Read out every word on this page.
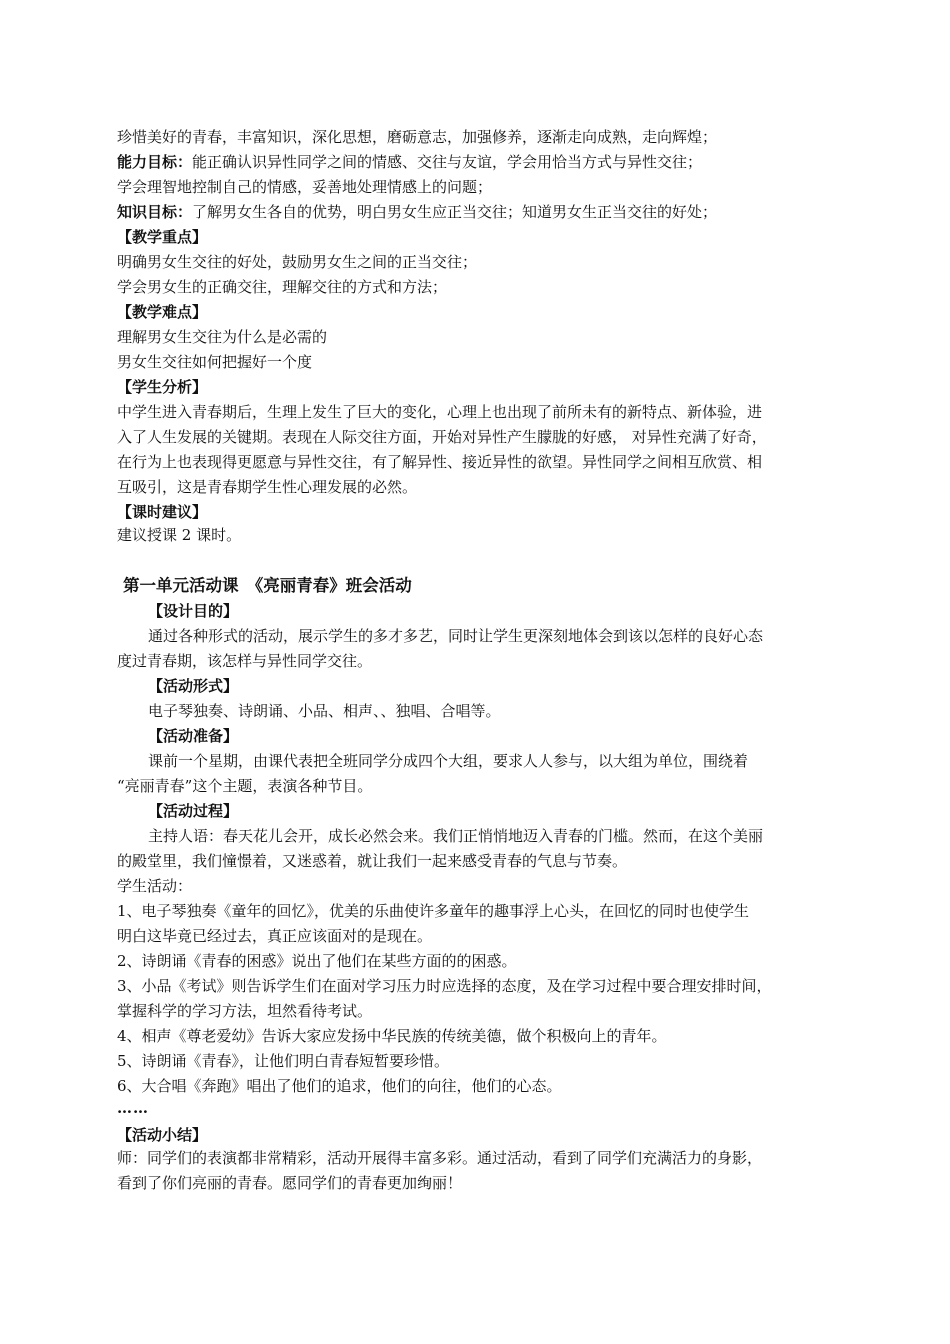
珍惜美好的青春，丰富知识，深化思想，磨砺意志，加强修养，逐渐走向成熟，走向辉煌；
能力目标：能正确认识异性同学之间的情感、交往与友谊，学会用恰当方式与异性交往；
学会理智地控制自己的情感，妥善地处理情感上的问题；
知识目标：了解男女生各自的优势，明白男女生应正当交往；知道男女生正当交往的好处；
【教学重点】
明确男女生交往的好处，鼓励男女生之间的正当交往；
学会男女生的正确交往，理解交往的方式和方法；
【教学难点】
理解男女生交往为什么是必需的
男女生交往如何把握好一个度
【学生分析】
中学生进入青春期后，生理上发生了巨大的变化，心理上也出现了前所未有的新特点、新体验，进
入了人生发展的关键期。表现在人际交往方面，开始对异性产生朦胧的好感， 对异性充满了好奇，
在行为上也表现得更愿意与异性交往，有了解异性、接近异性的欲望。异性同学之间相互欣赏、相
互吸引，这是青春期学生性心理发展的必然。
【课时建议】
建议授课 2 课时。
第一单元活动课　《亮丽青春》班会活动
【设计目的】
通过各种形式的活动，展示学生的多才多艺，同时让学生更深刻地体会到该以怎样的良好心态
度过青春期，该怎样与异性同学交往。
【活动形式】
电子琴独奏、诗朗诵、小品、相声、、独唱、合唱等。
【活动准备】
课前一个星期，由课代表把全班同学分成四个大组，要求人人参与，以大组为单位，围绕着
“亮丽青春”这个主题，表演各种节目。
【活动过程】
主持人语：春天花儿会开，成长必然会来。我们正悄悄地迈入青春的门槛。然而，在这个美丽
的殿堂里，我们憧憬着，又迷惑着，就让我们一起来感受青春的气息与节奏。
学生活动：
1、电子琴独奏《童年的回忆》，优美的乐曲使许多童年的趣事浮上心头，在回忆的同时也使学生
明白这毕竟已经过去，真正应该面对的是现在。
2、诗朗诵《青春的困惑》说出了他们在某些方面的的困惑。
3、小品《考试》则告诉学生们在面对学习压力时应选择的态度，及在学习过程中要合理安排时间，
掌握科学的学习方法，坦然看待考试。
4、相声《尊老爱幼》告诉大家应发扬中华民族的传统美德，做个积极向上的青年。
5、诗朗诵《青春》，让他们明白青春短暂要珍惜。
6、大合唱《奔跑》唱出了他们的追求，他们的向往，他们的心态。
……
【活动小结】
师：同学们的表演都非常精彩，活动开展得丰富多彩。通过活动，看到了同学们充满活力的身影，
看到了你们亮丽的青春。愿同学们的青春更加绚丽！
